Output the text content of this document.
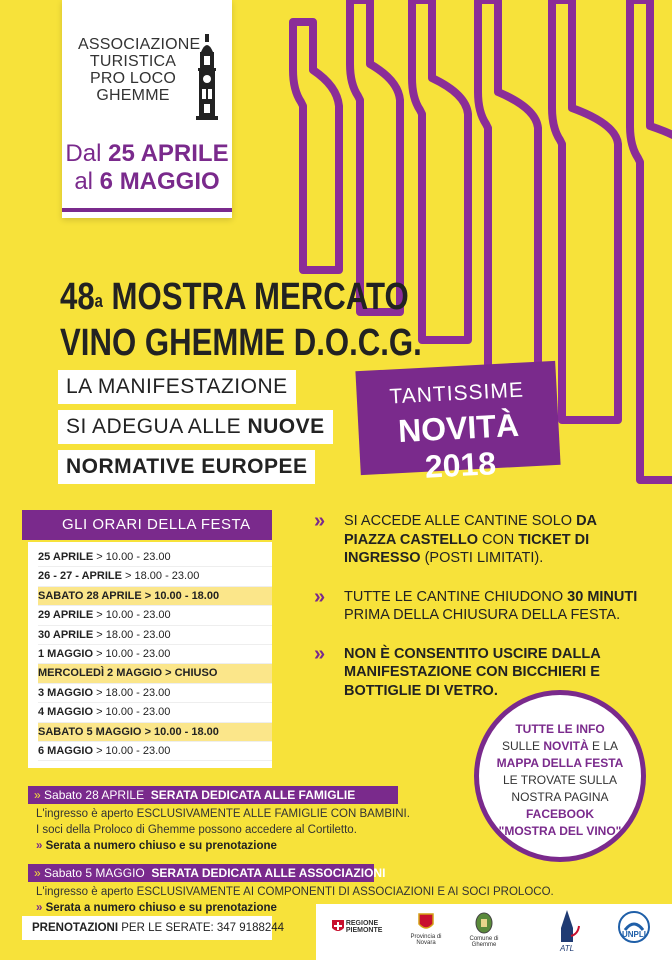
ASSOCIAZIONE
TURISTICA
PRO LOCO
GHEMME
Dal 25 APRILE
al 6 MAGGIO
48$^a$ MOSTRA MERCATO
VINO GHEMME D.O.C.G.
LA MANIFESTAZIONE
SI ADEGUA ALLE NUOVE
NORMATIVE EUROPEE
TANTISSIME
NOVITÀ 2018
GLI ORARI DELLA FESTA
25 APRILE > 10.00 - 23.00
26 - 27 - APRILE > 18.00 - 23.00
SABATO 28 APRILE > 10.00 - 18.00
29 APRILE > 10.00 - 23.00
30 APRILE > 18.00 - 23.00
1 MAGGIO > 10.00 - 23.00
MERCOLEDÌ 2 MAGGIO > CHIUSO
3 MAGGIO > 18.00 - 23.00
4 MAGGIO > 10.00 - 23.00
SABATO 5 MAGGIO > 10.00 - 18.00
6 MAGGIO > 10.00 - 23.00
» SI ACCEDE ALLE CANTINE SOLO DA PIAZZA CASTELLO CON TICKET DI INGRESSO (POSTI LIMITATI).
» TUTTE LE CANTINE CHIUDONO 30 MINUTI PRIMA DELLA CHIUSURA DELLA FESTA.
» NON È CONSENTITO USCIRE DALLA MANIFESTAZIONE CON BICCHIERI E BOTTIGLIE DI VETRO.
TUTTE LE INFO
SULLE NOVITÀ E LA
MAPPA DELLA FESTA
LE TROVATE SULLA
NOSTRA PAGINA
FACEBOOK
"MOSTRA DEL VINO"
» Sabato 28 APRILE SERATA DEDICATA ALLE FAMIGLIE
L'ingresso è aperto ESCLUSIVAMENTE ALLE FAMIGLIE CON BAMBINI.
I soci della Proloco di Ghemme possono accedere al Cortiletto.
» Serata a numero chiuso e su prenotazione
» Sabato 5 MAGGIO SERATA DEDICATA ALLE ASSOCIAZIONI
L'ingresso è aperto ESCLUSIVAMENTE AI COMPONENTI DI ASSOCIAZIONI E AI SOCI PROLOCO.
» Serata a numero chiuso e su prenotazione
PRENOTAZIONI PER LE SERATE: 347 9188244	REGIONE PIEMONTE
Provincia di Novara
Comune di Ghemme	ATL
UNPLI
